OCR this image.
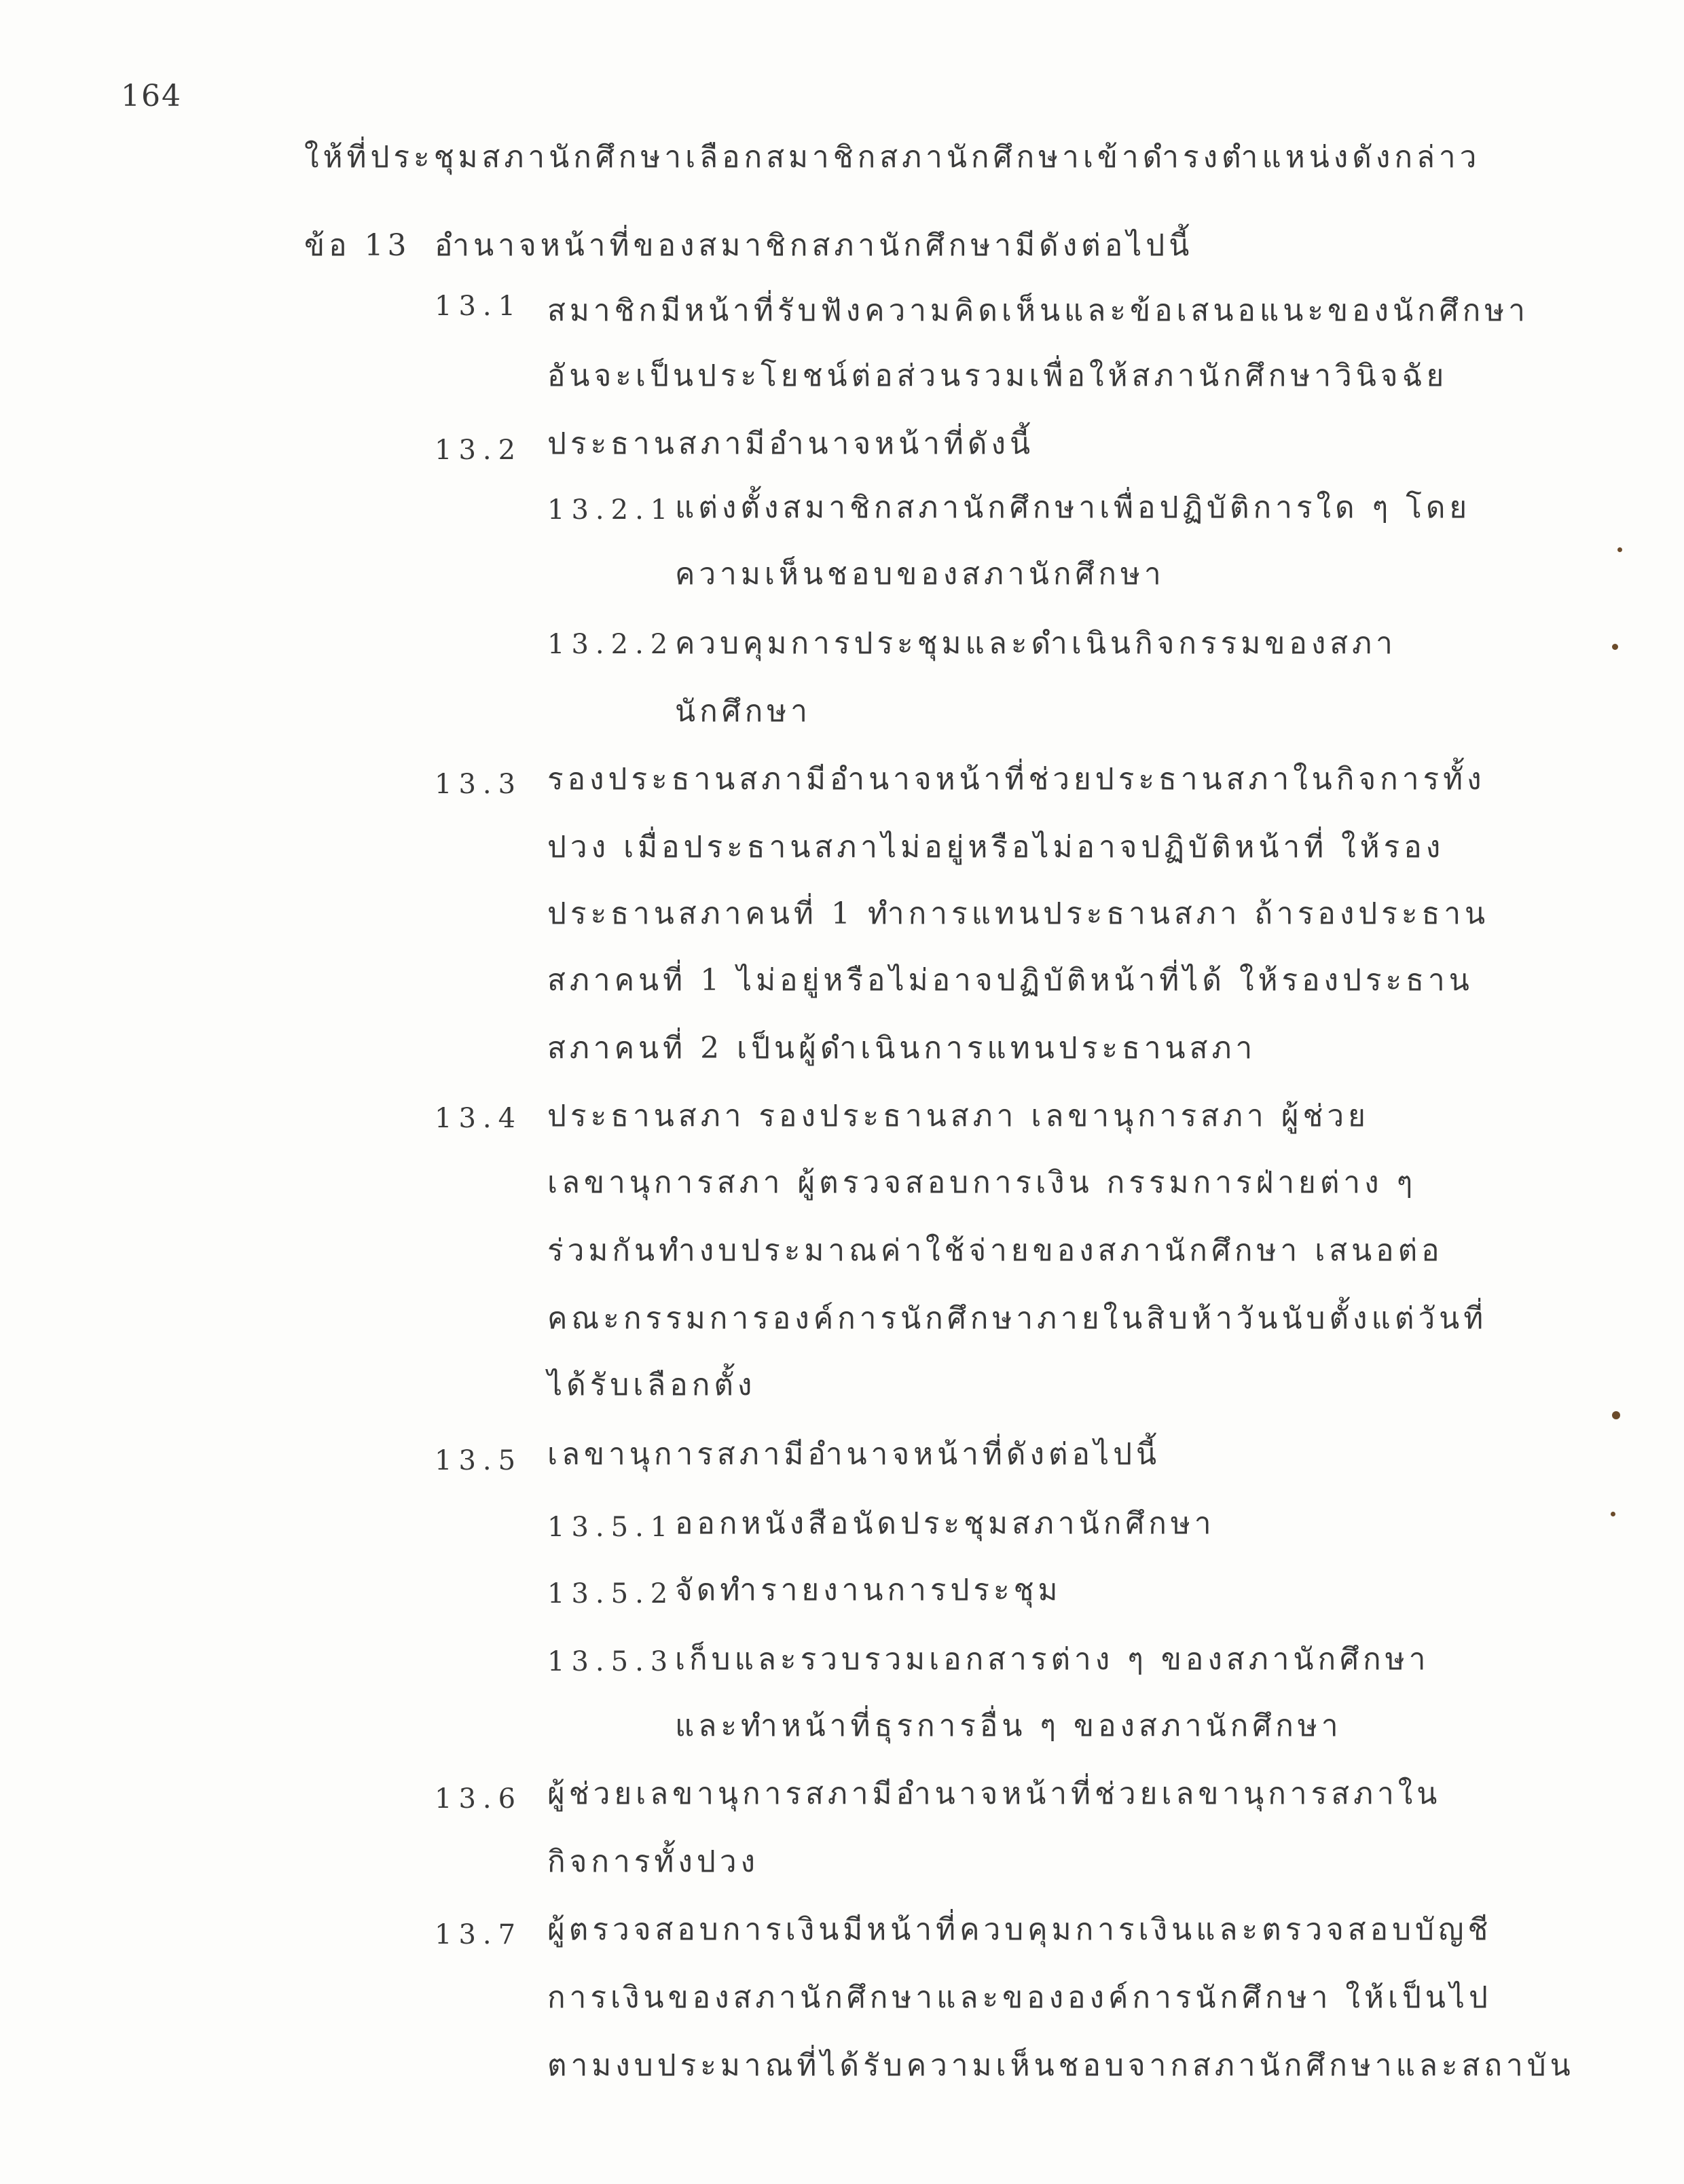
164
ให้ที่ประชุมสภานักศึกษาเลือกสมาชิกสภานักศึกษาเข้าดำรงตำแหน่งดังกล่าว
ข้อ 13 อำนาจหน้าที่ของสมาชิกสภานักศึกษามีดังต่อไปนี้
13.1 สมาชิกมีหน้าที่รับฟังความคิดเห็นและข้อเสนอแนะของนักศึกษา
อันจะเป็นประโยชน์ต่อส่วนรวมเพื่อให้สภานักศึกษาวินิจฉัย
13.2 ประธานสภามีอำนาจหน้าที่ดังนี้
13.2.1 แต่งตั้งสมาชิกสภานักศึกษาเพื่อปฏิบัติการใด ๆ โดย
ความเห็นชอบของสภานักศึกษา
13.2.2 ควบคุมการประชุมและดำเนินกิจกรรมของสภา
นักศึกษา
13.3 รองประธานสภามีอำนาจหน้าที่ช่วยประธานสภาในกิจการทั้ง
ปวง เมื่อประธานสภาไม่อยู่หรือไม่อาจปฏิบัติหน้าที่ ให้รอง
ประธานสภาคนที่ 1 ทำการแทนประธานสภา ถ้ารองประธาน
สภาคนที่ 1 ไม่อยู่หรือไม่อาจปฏิบัติหน้าที่ได้ ให้รองประธาน
สภาคนที่ 2 เป็นผู้ดำเนินการแทนประธานสภา
13.4 ประธานสภา รองประธานสภา เลขานุการสภา ผู้ช่วย
เลขานุการสภา ผู้ตรวจสอบการเงิน กรรมการฝ่ายต่าง ๆ
ร่วมกันทำงบประมาณค่าใช้จ่ายของสภานักศึกษา เสนอต่อ
คณะกรรมการองค์การนักศึกษาภายในสิบห้าวันนับตั้งแต่วันที่
ได้รับเลือกตั้ง
13.5 เลขานุการสภามีอำนาจหน้าที่ดังต่อไปนี้
13.5.1 ออกหนังสือนัดประชุมสภานักศึกษา
13.5.2 จัดทำรายงานการประชุม
13.5.3 เก็บและรวบรวมเอกสารต่าง ๆ ของสภานักศึกษา
และทำหน้าที่ธุรการอื่น ๆ ของสภานักศึกษา
13.6 ผู้ช่วยเลขานุการสภามีอำนาจหน้าที่ช่วยเลขานุการสภาใน
กิจการทั้งปวง
13.7 ผู้ตรวจสอบการเงินมีหน้าที่ควบคุมการเงินและตรวจสอบบัญชี
การเงินของสภานักศึกษาและขององค์การนักศึกษา ให้เป็นไป
ตามงบประมาณที่ได้รับความเห็นชอบจากสภานักศึกษาและสถาบัน
